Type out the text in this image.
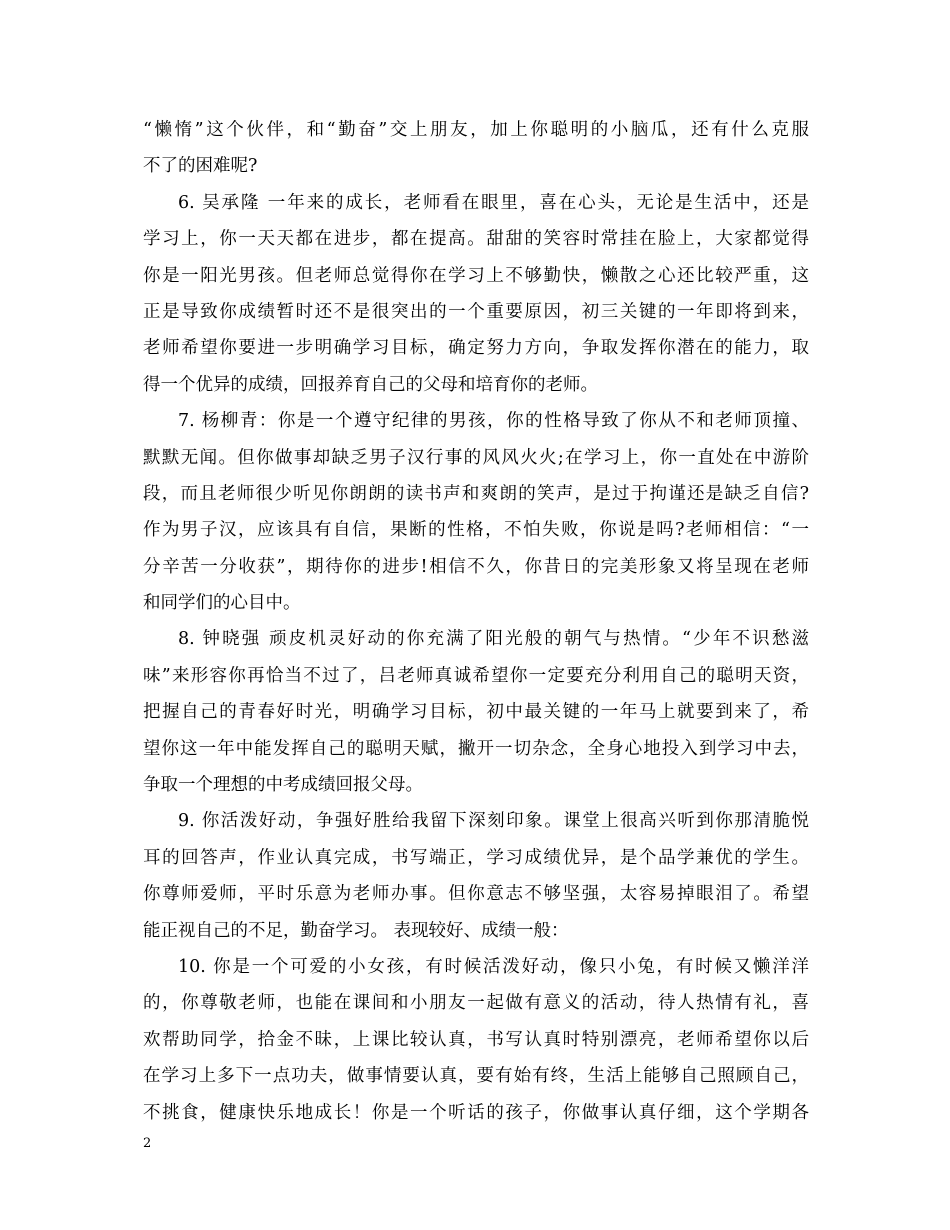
“懒惰”这个伙伴，和“勤奋”交上朋友，加上你聪明的小脑瓜，还有什么克服
不了的困难呢?
6. 吴承隆 一年来的成长，老师看在眼里，喜在心头，无论是生活中，还是
学习上，你一天天都在进步，都在提高。甜甜的笑容时常挂在脸上，大家都觉得
你是一阳光男孩。但老师总觉得你在学习上不够勤快，懒散之心还比较严重，这
正是导致你成绩暂时还不是很突出的一个重要原因，初三关键的一年即将到来，
老师希望你要进一步明确学习目标，确定努力方向，争取发挥你潜在的能力，取
得一个优异的成绩，回报养育自己的父母和培育你的老师。
7. 杨柳青：你是一个遵守纪律的男孩，你的性格导致了你从不和老师顶撞、
默默无闻。但你做事却缺乏男子汉行事的风风火火;在学习上，你一直处在中游阶
段，而且老师很少听见你朗朗的读书声和爽朗的笑声，是过于拘谨还是缺乏自信?
作为男子汉，应该具有自信，果断的性格，不怕失败，你说是吗?老师相信：“一
分辛苦一分收获”，期待你的进步!相信不久，你昔日的完美形象又将呈现在老师
和同学们的心目中。
8. 钟晓强 顽皮机灵好动的你充满了阳光般的朝气与热情。“少年不识愁滋
味”来形容你再恰当不过了，吕老师真诚希望你一定要充分利用自己的聪明天资，
把握自己的青春好时光，明确学习目标，初中最关键的一年马上就要到来了，希
望你这一年中能发挥自己的聪明天赋，撇开一切杂念，全身心地投入到学习中去，
争取一个理想的中考成绩回报父母。
9. 你活泼好动，争强好胜给我留下深刻印象。课堂上很高兴听到你那清脆悦
耳的回答声，作业认真完成，书写端正，学习成绩优异，是个品学兼优的学生。
你尊师爱师，平时乐意为老师办事。但你意志不够坚强，太容易掉眼泪了。希望
能正视自己的不足，勤奋学习。 表现较好、成绩一般：
10. 你是一个可爱的小女孩，有时候活泼好动，像只小兔，有时候又懒洋洋
的，你尊敬老师，也能在课间和小朋友一起做有意义的活动，待人热情有礼，喜
欢帮助同学，拾金不昧，上课比较认真，书写认真时特别漂亮，老师希望你以后
在学习上多下一点功夫，做事情要认真，要有始有终，生活上能够自己照顾自己，
不挑食，健康快乐地成长！你是一个听话的孩子，你做事认真仔细，这个学期各
2
